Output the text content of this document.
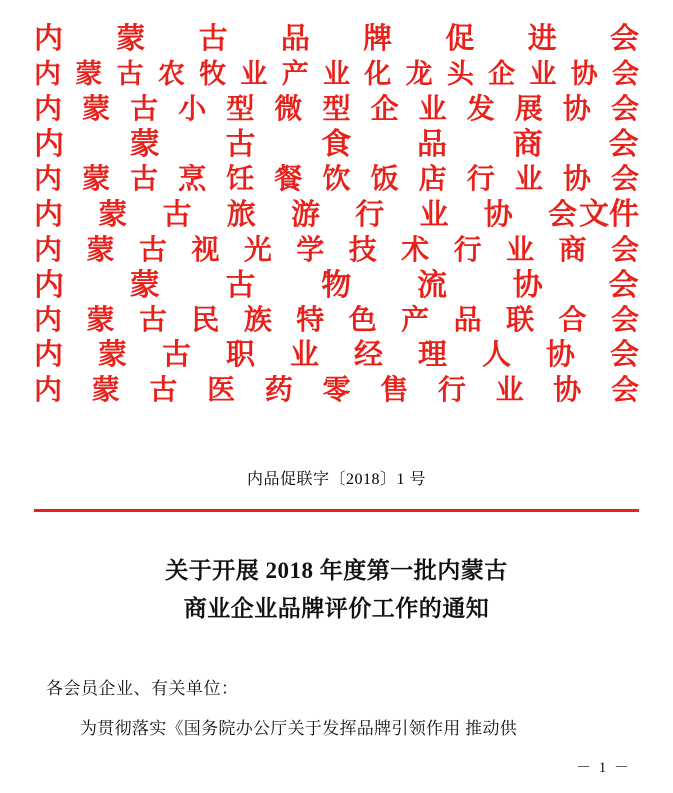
内蒙古品牌促进会
内蒙古农牧业产业化龙头企业协会
内蒙古小型微型企业发展协会
内蒙古食品商会
内蒙古烹饪餐饮饭店行业协会
内蒙古旅游行业协会 文件
内蒙古视光学技术行业商会
内蒙古物流协会
内蒙古民族特色产品联合会
内蒙古职业经理人协会
内蒙古医药零售行业协会
内品促联字〔2018〕1 号
关于开展 2018 年度第一批内蒙古
商业企业品牌评价工作的通知

各会员企业、有关单位：

为贯彻落实《国务院办公厅关于发挥品牌引领作用 推动供

－ 1 －
